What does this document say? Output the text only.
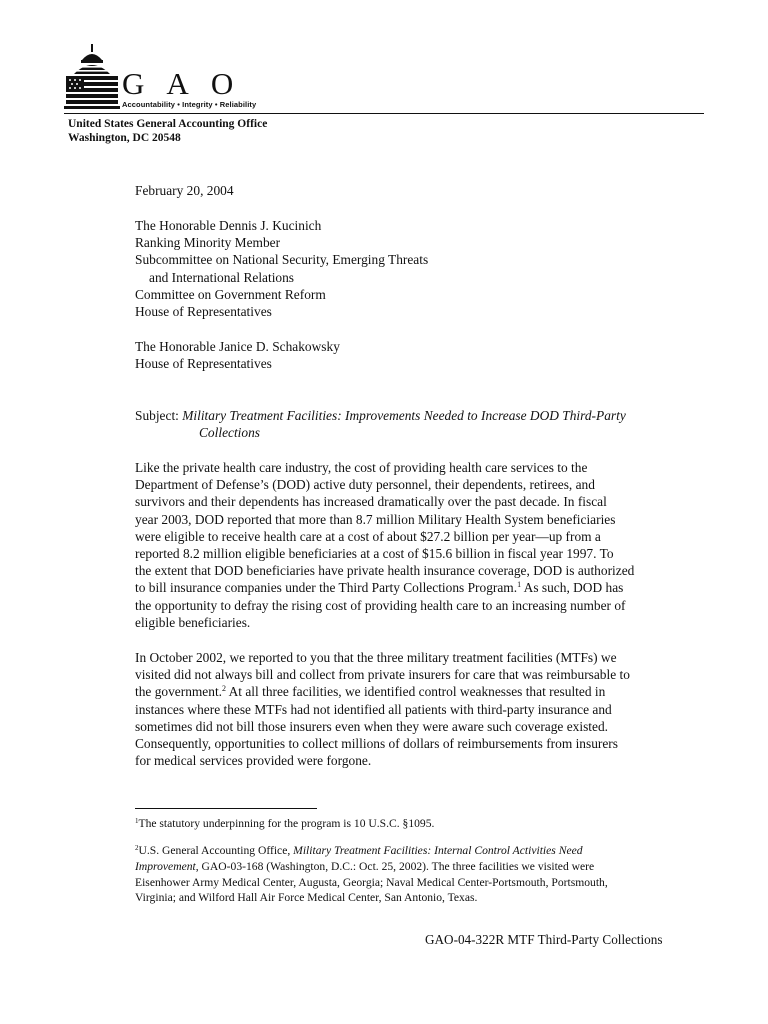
G A O
Accountability • Integrity • Reliability
United States General Accounting Office
Washington, DC 20548
February 20, 2004
The Honorable Dennis J. Kucinich
Ranking Minority Member
Subcommittee on National Security, Emerging Threats
and International Relations
Committee on Government Reform
House of Representatives
The Honorable Janice D. Schakowsky
House of Representatives
Subject: Military Treatment Facilities: Improvements Needed to Increase DOD Third-Party
Collections
Like the private health care industry, the cost of providing health care services to the
Department of Defense’s (DOD) active duty personnel, their dependents, retirees, and
survivors and their dependents has increased dramatically over the past decade. In fiscal
year 2003, DOD reported that more than 8.7 million Military Health System beneficiaries
were eligible to receive health care at a cost of about $27.2 billion per year—up from a
reported 8.2 million eligible beneficiaries at a cost of $15.6 billion in fiscal year 1997. To
the extent that DOD beneficiaries have private health insurance coverage, DOD is authorized
to bill insurance companies under the Third Party Collections Program.$^1$ As such, DOD has
the opportunity to defray the rising cost of providing health care to an increasing number of
eligible beneficiaries.
In October 2002, we reported to you that the three military treatment facilities (MTFs) we
visited did not always bill and collect from private insurers for care that was reimbursable to
the government.$^2$ At all three facilities, we identified control weaknesses that resulted in
instances where these MTFs had not identified all patients with third-party insurance and
sometimes did not bill those insurers even when they were aware such coverage existed.
Consequently, opportunities to collect millions of dollars of reimbursements from insurers
for medical services provided were forgone.
$^1$The statutory underpinning for the program is 10 U.S.C. §1095.
$^2$U.S. General Accounting Office, Military Treatment Facilities: Internal Control Activities Need
Improvement, GAO-03-168 (Washington, D.C.: Oct. 25, 2002). The three facilities we visited were
Eisenhower Army Medical Center, Augusta, Georgia; Naval Medical Center-Portsmouth, Portsmouth,
Virginia; and Wilford Hall Air Force Medical Center, San Antonio, Texas.
GAO-04-322R MTF Third-Party Collections
